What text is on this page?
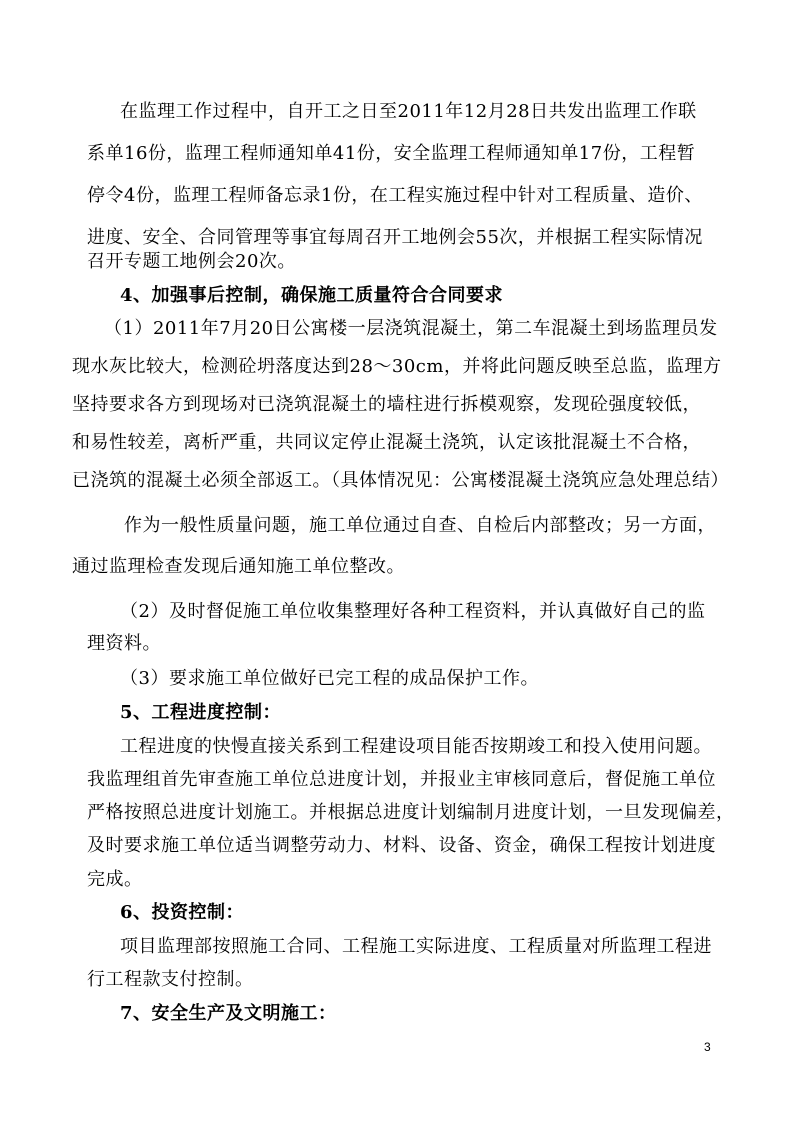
在监理工作过程中，自开工之日至2011年12月28日共发出监理工作联
系单16份，监理工程师通知单41份，安全监理工程师通知单17份，工程暂
停令4份，监理工程师备忘录1份，在工程实施过程中针对工程质量、造价、
进度、安全、合同管理等事宜每周召开工地例会55次，并根据工程实际情况
召开专题工地例会20次。
4、加强事后控制，确保施工质量符合合同要求
（1）2011年7月20日公寓楼一层浇筑混凝土，第二车混凝土到场监理员发
现水灰比较大，检测砼坍落度达到28～30cm，并将此问题反映至总监，监理方
坚持要求各方到现场对已浇筑混凝土的墙柱进行拆模观察，发现砼强度较低，
和易性较差，离析严重，共同议定停止混凝土浇筑，认定该批混凝土不合格，
已浇筑的混凝土必须全部返工。（具体情况见：公寓楼混凝土浇筑应急处理总结）
作为一般性质量问题，施工单位通过自查、自检后内部整改；另一方面，
通过监理检查发现后通知施工单位整改。
（2）及时督促施工单位收集整理好各种工程资料，并认真做好自己的监
理资料。
（3）要求施工单位做好已完工程的成品保护工作。
5、工程进度控制：
工程进度的快慢直接关系到工程建设项目能否按期竣工和投入使用问题。
我监理组首先审查施工单位总进度计划，并报业主审核同意后，督促施工单位
严格按照总进度计划施工。并根据总进度计划编制月进度计划，一旦发现偏差，
及时要求施工单位适当调整劳动力、材料、设备、资金，确保工程按计划进度
完成。
6、投资控制：
项目监理部按照施工合同、工程施工实际进度、工程质量对所监理工程进
行工程款支付控制。
7、安全生产及文明施工：
3
